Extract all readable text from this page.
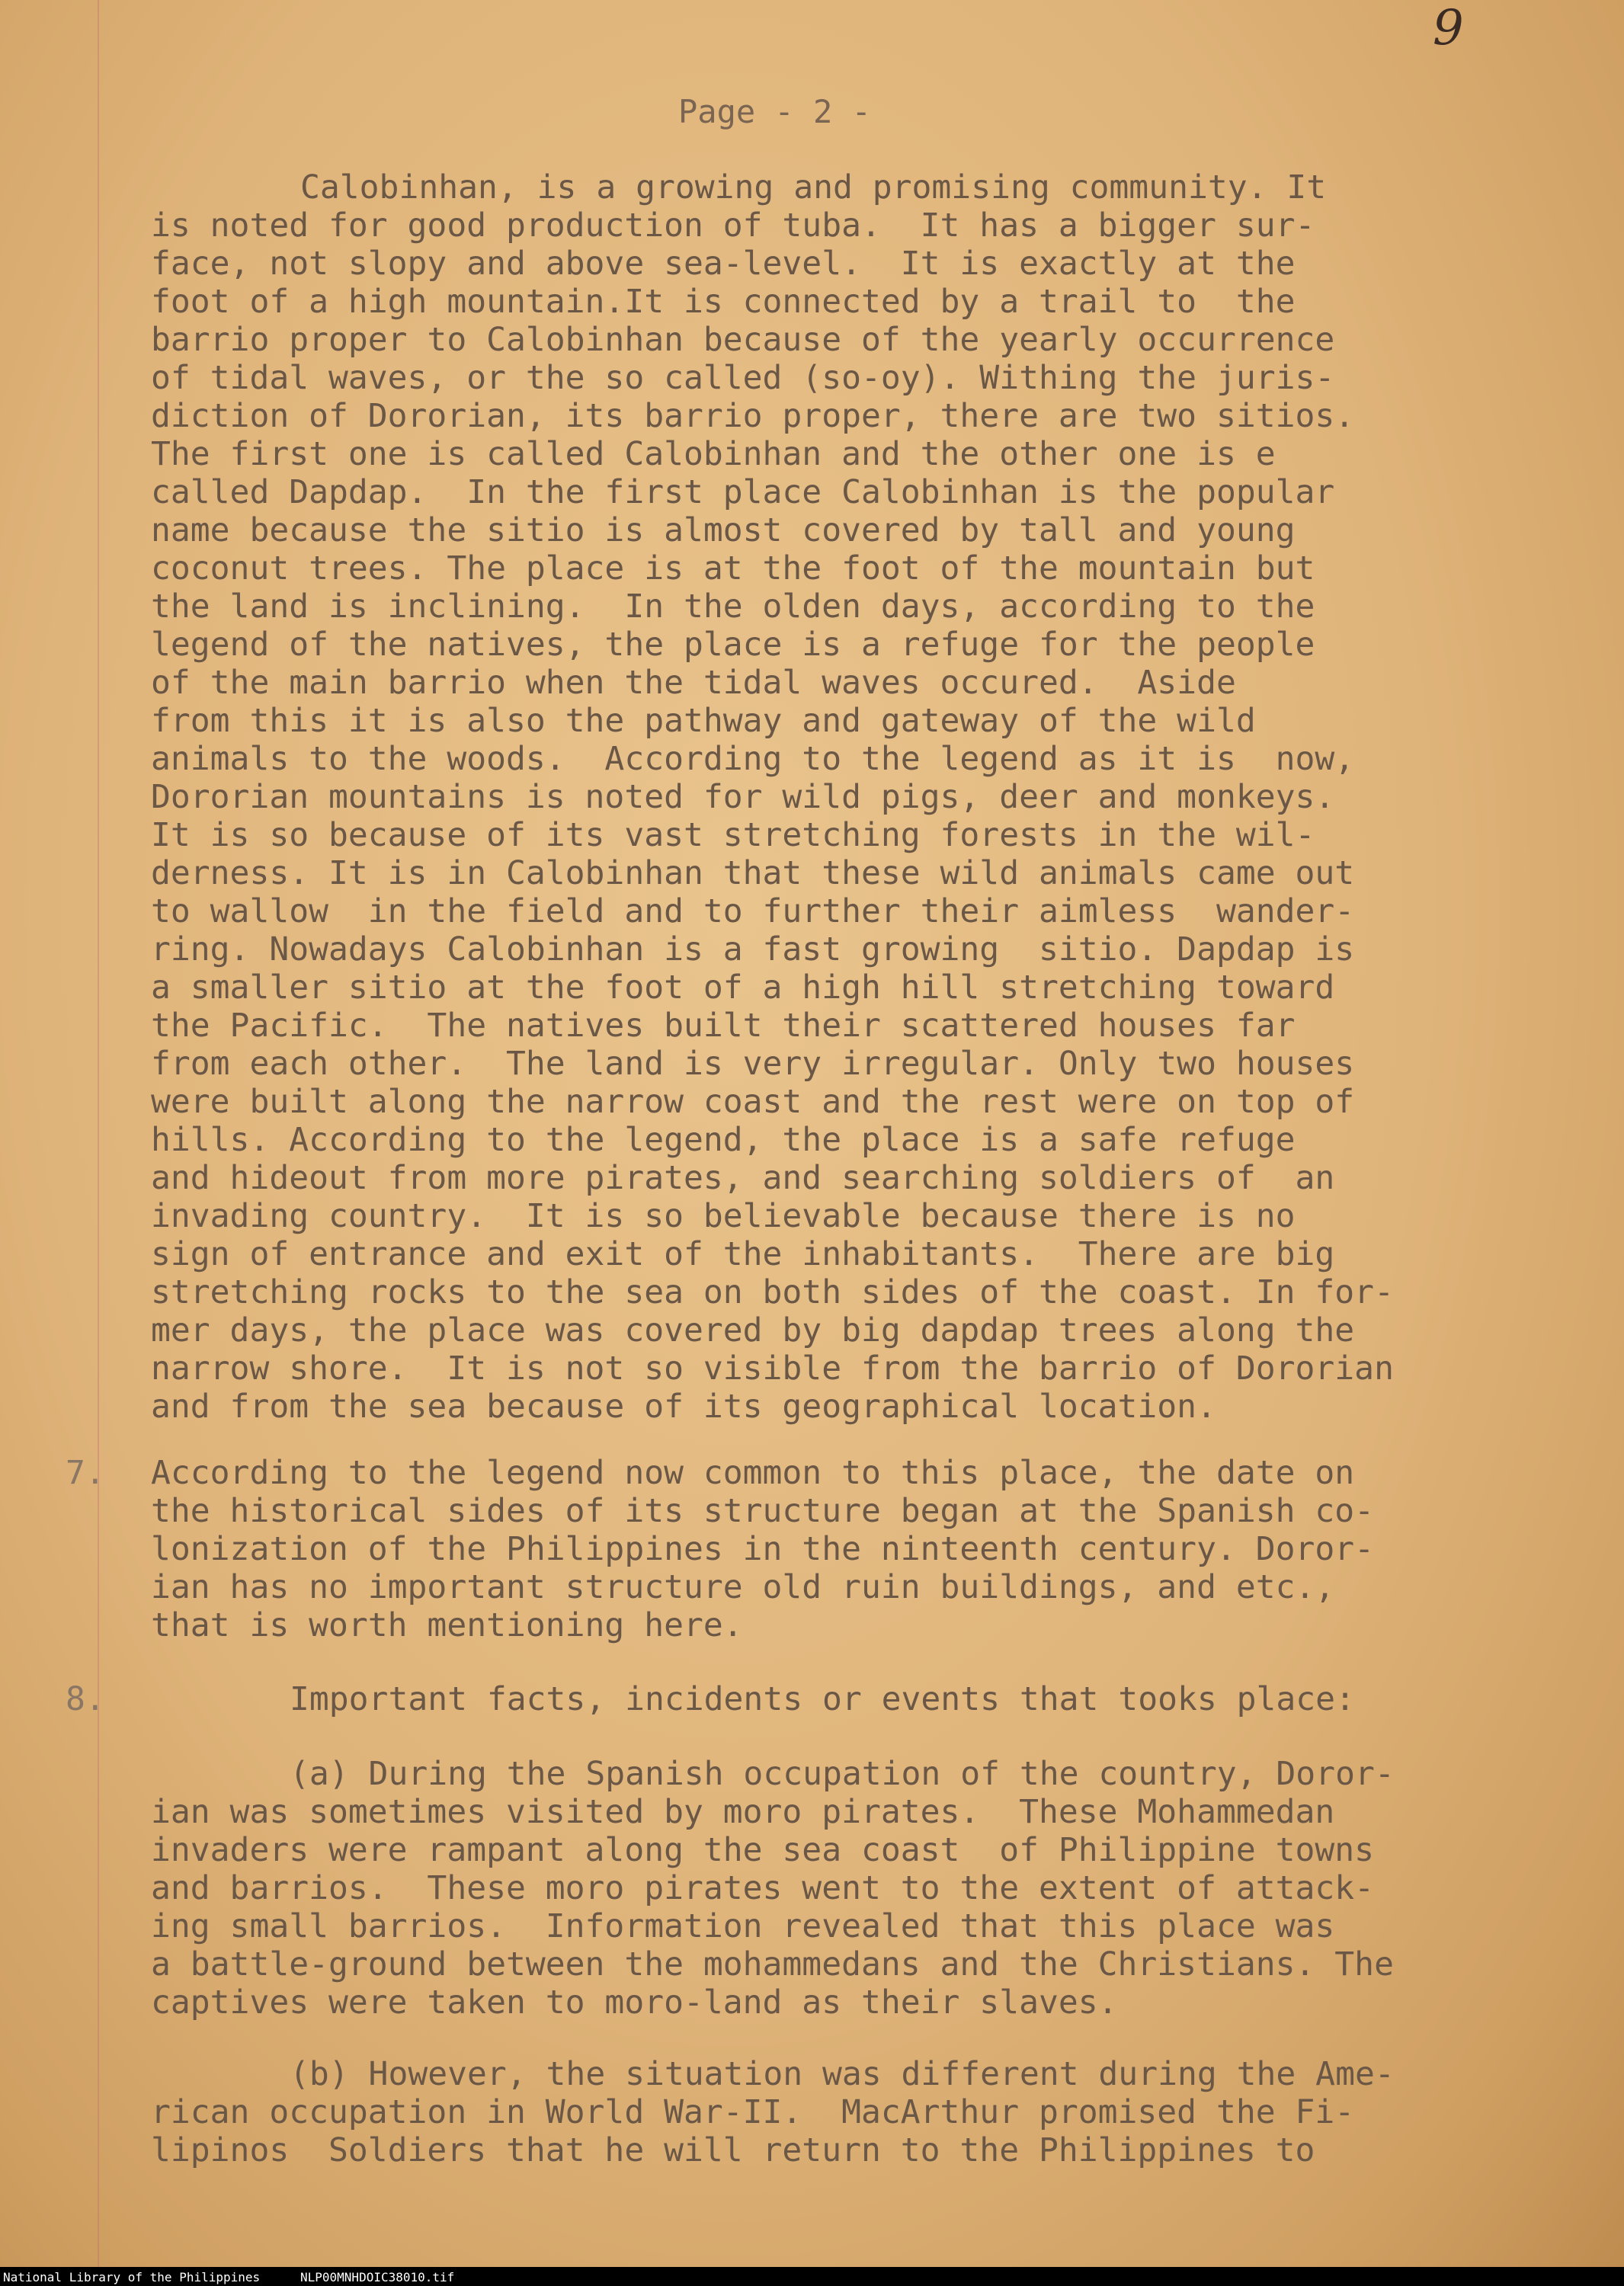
9
Page - 2 -
Calobinhan, is a growing and promising community. It
is noted for good production of tuba.  It has a bigger sur-
face, not slopy and above sea-level.  It is exactly at the
foot of a high mountain.It is connected by a trail to  the
barrio proper to Calobinhan because of the yearly occurrence
of tidal waves, or the so called (so-oy). Withing the juris-
diction of Dororian, its barrio proper, there are two sitios.
The first one is called Calobinhan and the other one is e
called Dapdap.  In the first place Calobinhan is the popular
name because the sitio is almost covered by tall and young
coconut trees. The place is at the foot of the mountain but
the land is inclining.  In the olden days, according to the
legend of the natives, the place is a refuge for the people
of the main barrio when the tidal waves occured.  Aside
from this it is also the pathway and gateway of the wild
animals to the woods.  According to the legend as it is  now,
Dororian mountains is noted for wild pigs, deer and monkeys.
It is so because of its vast stretching forests in the wil-
derness. It is in Calobinhan that these wild animals came out
to wallow  in the field and to further their aimless  wander-
ring. Nowadays Calobinhan is a fast growing  sitio. Dapdap is
a smaller sitio at the foot of a high hill stretching toward
the Pacific.  The natives built their scattered houses far
from each other.  The land is very irregular. Only two houses
were built along the narrow coast and the rest were on top of
hills. According to the legend, the place is a safe refuge
and hideout from more pirates, and searching soldiers of  an
invading country.  It is so believable because there is no
sign of entrance and exit of the inhabitants.  There are big
stretching rocks to the sea on both sides of the coast. In for-
mer days, the place was covered by big dapdap trees along the
narrow shore.  It is not so visible from the barrio of Dororian
and from the sea because of its geographical location.
7. According to the legend now common to this place, the date on
the historical sides of its structure began at the Spanish co-
lonization of the Philippines in the ninteenth century. Doror-
ian has no important structure old ruin buildings, and etc.,
that is worth mentioning here.
8.	Important facts, incidents or events that tooks place:
(a) During the Spanish occupation of the country, Doror-
ian was sometimes visited by moro pirates.  These Mohammedan
invaders were rampant along the sea coast  of Philippine towns
and barrios.  These moro pirates went to the extent of attack-
ing small barrios.  Information revealed that this place was
a battle-ground between the mohammedans and the Christians. The
captives were taken to moro-land as their slaves.
(b) However, the situation was different during the Ame-
rican occupation in World War-II.  MacArthur promised the Fi-
lipinos  Soldiers that he will return to the Philippines to
National Library of the Philippines	NLP00MNHDOIC38010.tif
